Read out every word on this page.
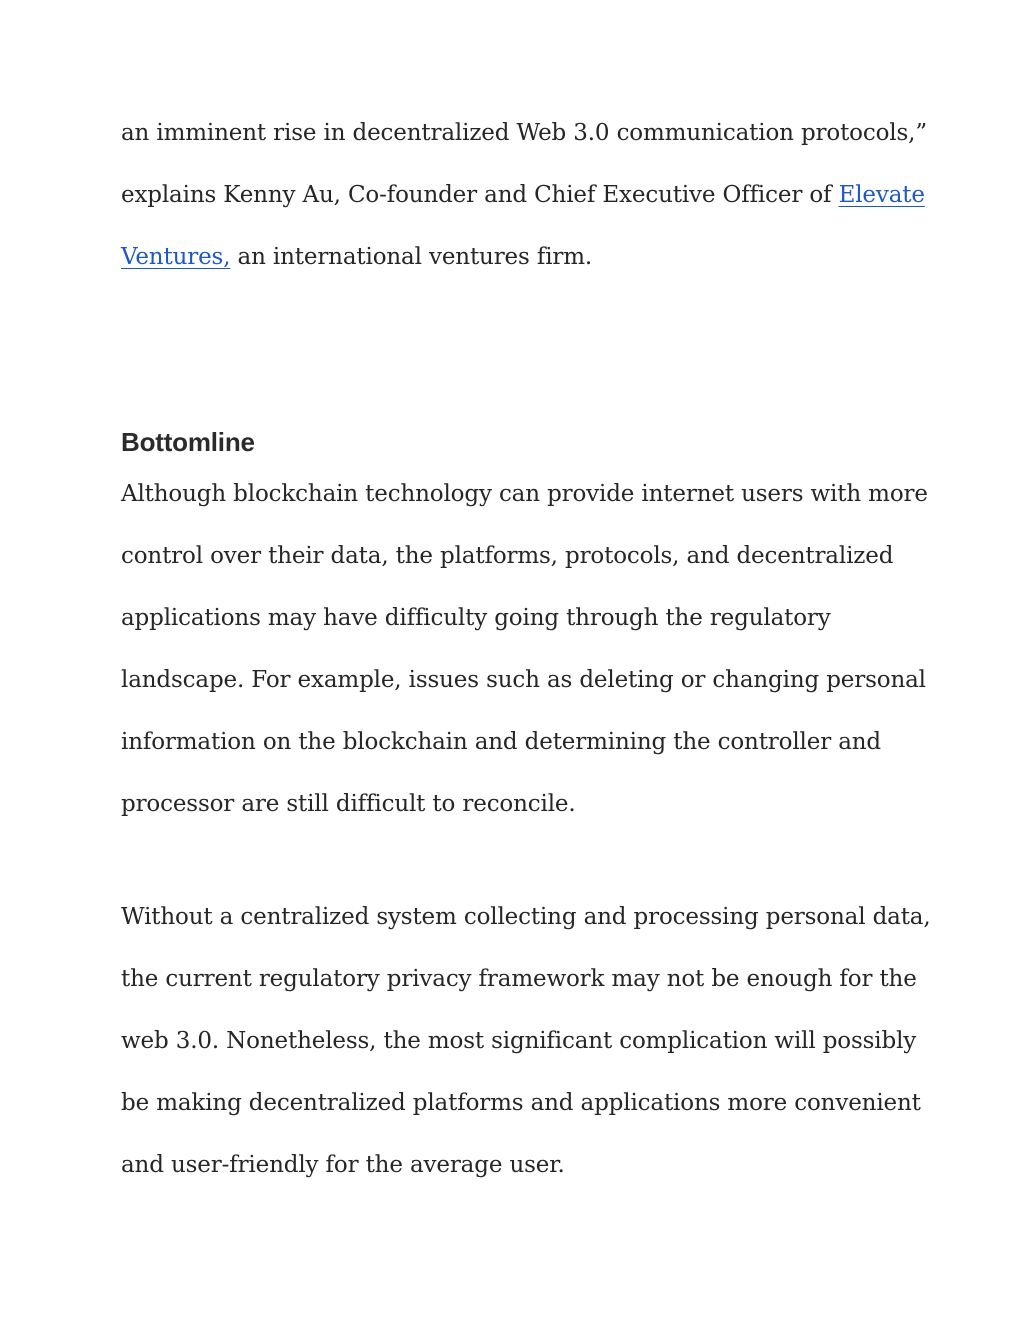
an imminent rise in decentralized Web 3.0 communication protocols,”
explains Kenny Au, Co-founder and Chief Executive Officer of Elevate
Ventures, an international ventures firm.
Bottomline
Although blockchain technology can provide internet users with more
control over their data, the platforms, protocols, and decentralized
applications may have difficulty going through the regulatory
landscape. For example, issues such as deleting or changing personal
information on the blockchain and determining the controller and
processor are still difficult to reconcile.
Without a centralized system collecting and processing personal data,
the current regulatory privacy framework may not be enough for the
web 3.0. Nonetheless, the most significant complication will possibly
be making decentralized platforms and applications more convenient
and user-friendly for the average user.
